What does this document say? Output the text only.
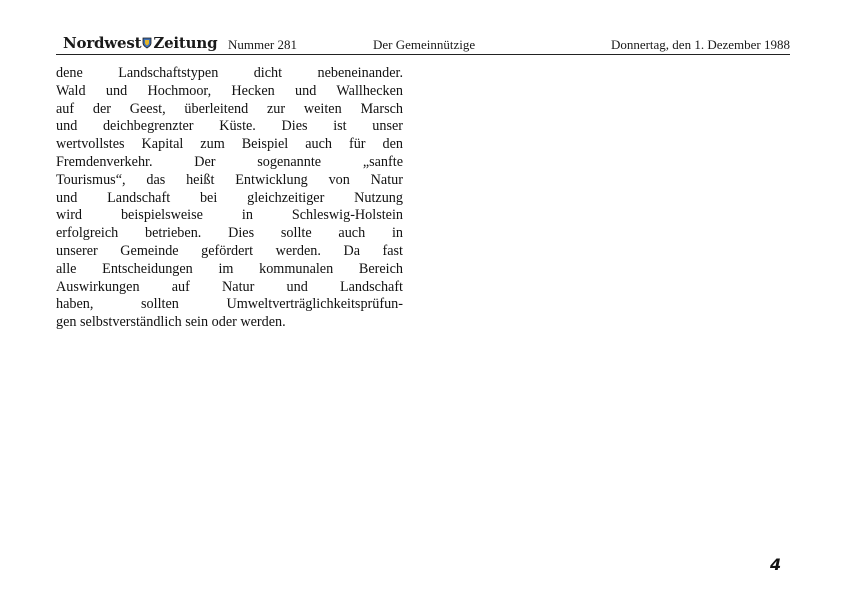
Nordwest Zeitung Nummer 281	Der Gemeinnützige	Donnertag, den 1. Dezember 1988
dene Landschaftstypen dicht nebeneinander.
Wald und Hochmoor, Hecken und Wallhecken
auf der Geest, überleitend zur weiten Marsch
und deichbegrenzter Küste. Dies ist unser
wertvollstes Kapital zum Beispiel auch für den
Fremdenverkehr. Der sogenannte „sanfte
Tourismus“, das heißt Entwicklung von Natur
und Landschaft bei gleichzeitiger Nutzung
wird beispielsweise in Schleswig-Holstein
erfolgreich betrieben. Dies sollte auch in
unserer Gemeinde gefördert werden. Da fast
alle Entscheidungen im kommunalen Bereich
Auswirkungen auf Natur und Landschaft
haben, sollten Umweltverträglichkeitsprüfun-
gen selbstverständlich sein oder werden.
4
